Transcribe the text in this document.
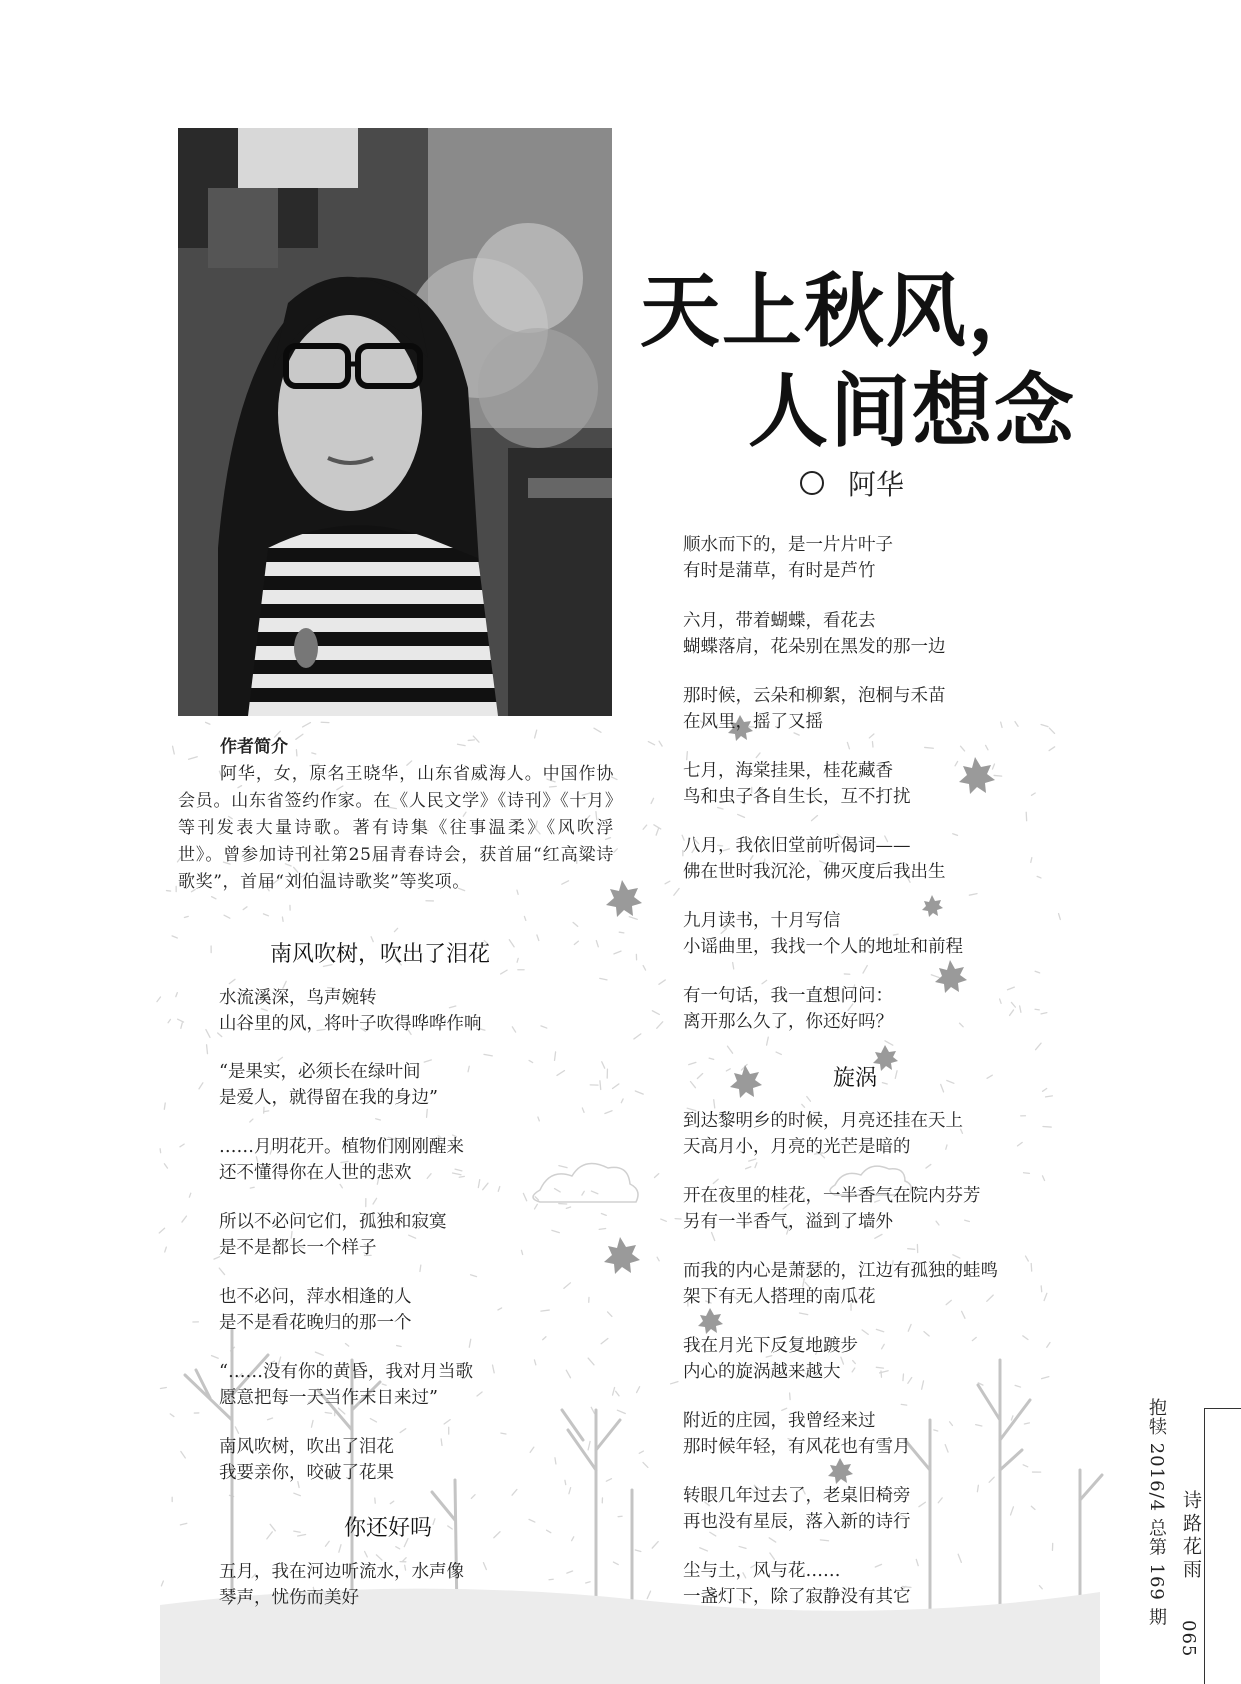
天上秋风，
人间想念
阿华
作者简介
阿华，女，原名王晓华，山东省威海人。中国作协会员。山东省签约作家。在《人民文学》《诗刊》《十月》等刊发表大量诗歌。著有诗集《往事温柔》《风吹浮世》。曾参加诗刊社第25届青春诗会，获首届“红高粱诗歌奖”，首届“刘伯温诗歌奖”等奖项。
南风吹树，吹出了泪花
水流溪深，鸟声婉转
山谷里的风，将叶子吹得哗哗作响
“是果实，必须长在绿叶间
是爱人，就得留在我的身边”
……月明花开。植物们刚刚醒来
还不懂得你在人世的悲欢
所以不必问它们，孤独和寂寞
是不是都长一个样子
也不必问，萍水相逢的人
是不是看花晚归的那一个
“……没有你的黄昏，我对月当歌
愿意把每一天当作末日来过”
南风吹树，吹出了泪花
我要亲你，咬破了花果
你还好吗
五月，我在河边听流水，水声像
琴声，忧伤而美好
顺水而下的，是一片片叶子
有时是蒲草，有时是芦竹
六月，带着蝴蝶，看花去
蝴蝶落肩，花朵别在黑发的那一边
那时候，云朵和柳絮，泡桐与禾苗
在风里，摇了又摇
七月，海棠挂果，桂花藏香
鸟和虫子各自生长，互不打扰
八月，我依旧堂前听偈词——
佛在世时我沉沦，佛灭度后我出生
九月读书，十月写信
小谣曲里，我找一个人的地址和前程
有一句话，我一直想问问：
离开那么久了，你还好吗？
旋涡
到达黎明乡的时候，月亮还挂在天上
天高月小，月亮的光芒是暗的
开在夜里的桂花，一半香气在院内芬芳
另有一半香气，溢到了墙外
而我的内心是萧瑟的，江边有孤独的蛙鸣
架下有无人搭理的南瓜花
我在月光下反复地踱步
内心的旋涡越来越大
附近的庄园，我曾经来过
那时候年轻，有风花也有雪月
转眼几年过去了，老桌旧椅旁
再也没有星辰，落入新的诗行
尘与土，风与花……
一盏灯下，除了寂静没有其它	抱犊 2016/4 总第 169 期 诗路花雨
065
